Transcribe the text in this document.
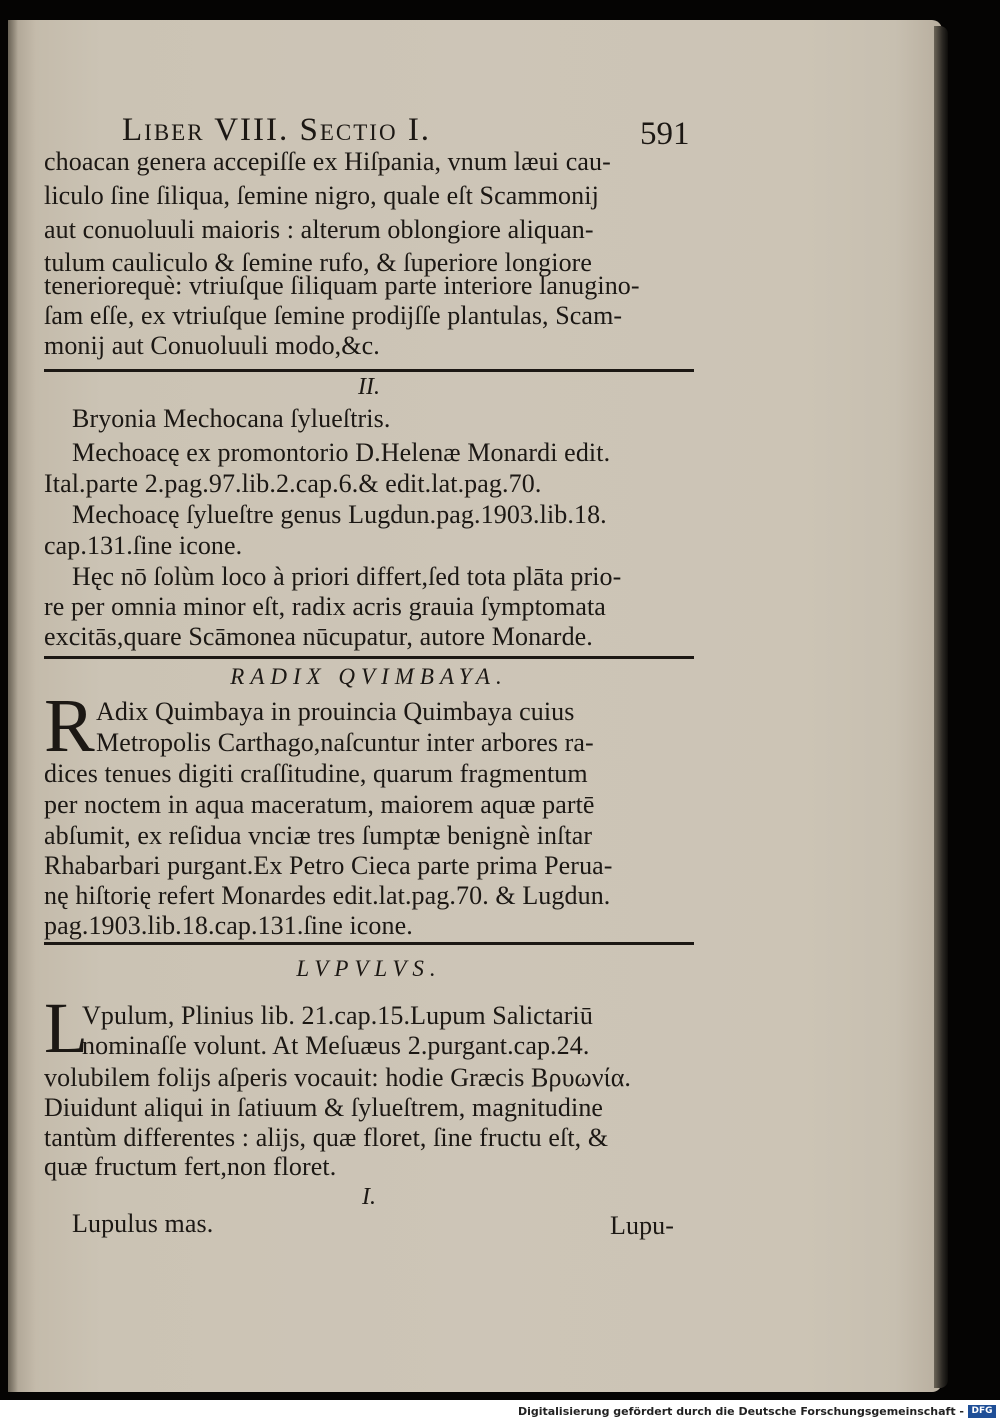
Liber VIII. Sectio I.	591
choacan genera accepiſſe ex Hiſpania, vnum læui cau-
liculo ſine ſiliqua, ſemine nigro, quale eſt Scammonij
aut conuoluuli maioris : alterum oblongiore aliquan-
tulum cauliculo & ſemine rufo, & ſuperiore longiore
teneriorequè: vtriuſque ſiliquam parte interiore lanugino-
ſam eſſe, ex vtriuſque ſemine prodijſſe plantulas, Scam-
monij aut Conuoluuli modo,&c.
II.
Bryonia Mechocana ſylueſtris.
Mechoacę ex promontorio D.Helenæ Monardi edit.
Ital.parte 2.pag.97.lib.2.cap.6.& edit.lat.pag.70.
Mechoacę ſylueſtre genus Lugdun.pag.1903.lib.18.
cap.131.ſine icone.
Hęc nō ſolùm loco à priori differt,ſed tota plāta prio-
re per omnia minor eſt, radix acris grauia ſymptomata
excitās,quare Scāmonea nūcupatur, autore Monarde.
RADIX QVIMBAYA.
R Adix Quimbaya in prouincia Quimbaya cuius
Metropolis Carthago,naſcuntur inter arbores ra-
dices tenues digiti craſſitudine, quarum fragmentum
per noctem in aqua maceratum, maiorem aquæ partē
abſumit, ex reſidua vnciæ tres ſumptæ benignè inſtar
Rhabarbari purgant.Ex Petro Cieca parte prima Perua-
nę hiſtorię refert Monardes edit.lat.pag.70. & Lugdun.
pag.1903.lib.18.cap.131.ſine icone.
LVPVLVS.
L
Vpulum, Plinius lib. 21.cap.15.Lupum Salictariū
nominaſſe volunt. At Meſuæus 2.purgant.cap.24.
volubilem folijs aſperis vocauit: hodie Græcis Βρυωνία.
Diuidunt aliqui in ſatiuum & ſylueſtrem, magnitudine
tantùm differentes : alijs, quæ floret, ſine fructu eſt, &
quæ fructum fert,non floret.
I.
Lupulus mas.	Lupu-
Digitalisierung gefördert durch die Deutsche Forschungsgemeinschaft - DFG
